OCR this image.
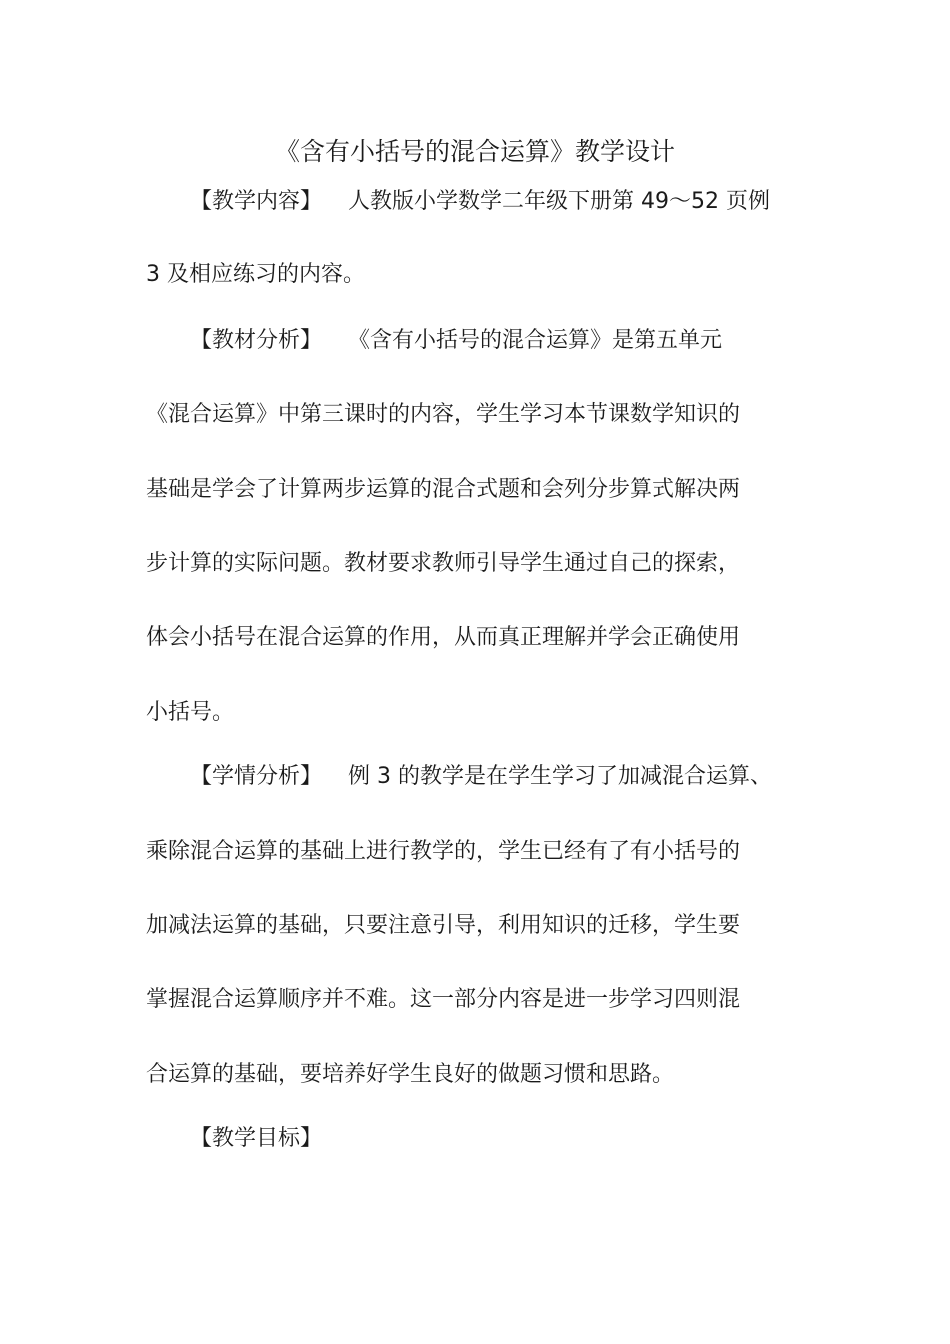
《含有小括号的混合运算》教学设计
【教学内容】 人教版小学数学二年级下册第 49～52 页例
3 及相应练习的内容。
【教材分析】 《含有小括号的混合运算》是第五单元
《混合运算》中第三课时的内容，学生学习本节课数学知识的
基础是学会了计算两步运算的混合式题和会列分步算式解决两
步计算的实际问题。教材要求教师引导学生通过自己的探索，
体会小括号在混合运算的作用，从而真正理解并学会正确使用
小括号。
【学情分析】 例 3 的教学是在学生学习了加减混合运算、
乘除混合运算的基础上进行教学的，学生已经有了有小括号的
加减法运算的基础，只要注意引导，利用知识的迁移，学生要
掌握混合运算顺序并不难。这一部分内容是进一步学习四则混
合运算的基础，要培养好学生良好的做题习惯和思路。
【教学目标】
